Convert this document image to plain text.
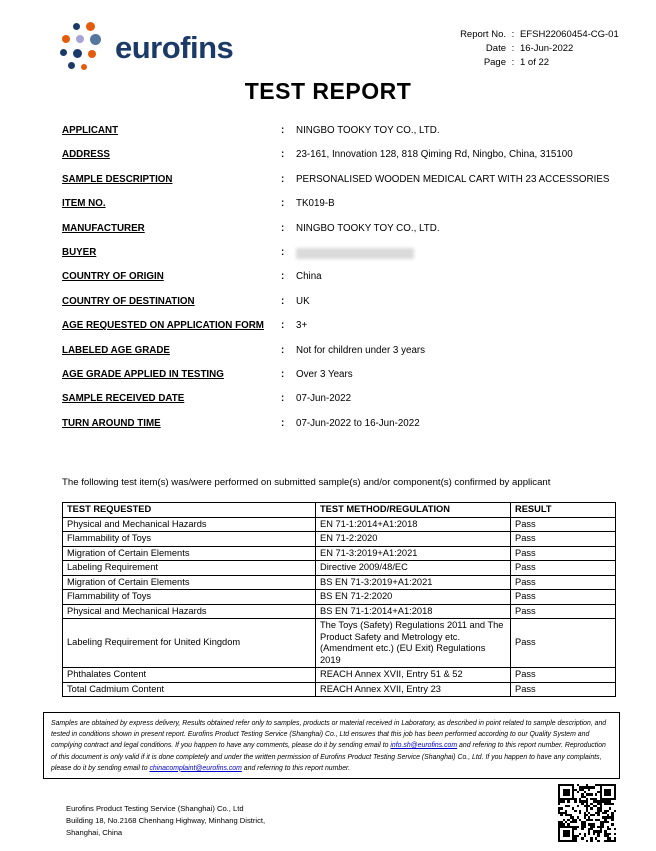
eurofins	Report No. : EFSH22060454-CG-01
Date : 16-Jun-2022
Page : 1 of 22
TEST REPORT
APPLICANT	:	NINGBO TOOKY TOY CO., LTD.
ADDRESS	:	23-161, Innovation 128, 818 Qiming Rd, Ningbo, China, 315100
SAMPLE DESCRIPTION	:	PERSONALISED WOODEN MEDICAL CART WITH 23 ACCESSORIES
ITEM NO.	:	TK019-B
MANUFACTURER	:	NINGBO TOOKY TOY CO., LTD.
BUYER	:
COUNTRY OF ORIGIN	:	China
COUNTRY OF DESTINATION	:	UK
AGE REQUESTED ON APPLICATION FORM	:	3+
LABELED AGE GRADE	:	Not for children under 3 years
AGE GRADE APPLIED IN TESTING	:	Over 3 Years
SAMPLE RECEIVED DATE	:	07-Jun-2022
TURN AROUND TIME	:	07-Jun-2022 to 16-Jun-2022
The following test item(s) was/were performed on submitted sample(s) and/or component(s) confirmed by applicant
TEST REQUESTED	TEST METHOD/REGULATION	RESULT
Physical and Mechanical Hazards	EN 71-1:2014+A1:2018	Pass
Flammability of Toys	EN 71-2:2020	Pass
Migration of Certain Elements	EN 71-3:2019+A1:2021	Pass
Labeling Requirement	Directive 2009/48/EC	Pass
Migration of Certain Elements	BS EN 71-3:2019+A1:2021	Pass
Flammability of Toys	BS EN 71-2:2020	Pass
Physical and Mechanical Hazards	BS EN 71-1:2014+A1:2018	Pass
Labeling Requirement for United Kingdom	The Toys (Safety) Regulations 2011 and The Product Safety and Metrology etc. (Amendment etc.) (EU Exit) Regulations 2019	Pass
Phthalates Content	REACH Annex XVII, Entry 51 & 52	Pass
Total Cadmium Content	REACH Annex XVII, Entry 23	Pass
Samples are obtained by express delivery, Results obtained refer only to samples, products or material received in Laboratory, as described in point related to sample description, and tested in conditions shown in present report. Eurofins Product Testing Service (Shanghai) Co., Ltd ensures that this job has been performed according to our Quality System and complying contract and legal conditions. If you happen to have any comments, please do it by sending email to info.sh@eurofins.com and refering to this report number. Reproduction of this document is only valid if it is done completely and under the written permission of Eurofins Product Testing Service (Shanghai) Co., Ltd. If you happen to have any complaints, please do it by sending email to chinacomplaint@eurofins.com and referring to this report number.
Eurofins Product Testing Service (Shanghai) Co., Ltd
Building 18, No.2168 Chenhang Highway, Minhang District,
Shanghai, China
